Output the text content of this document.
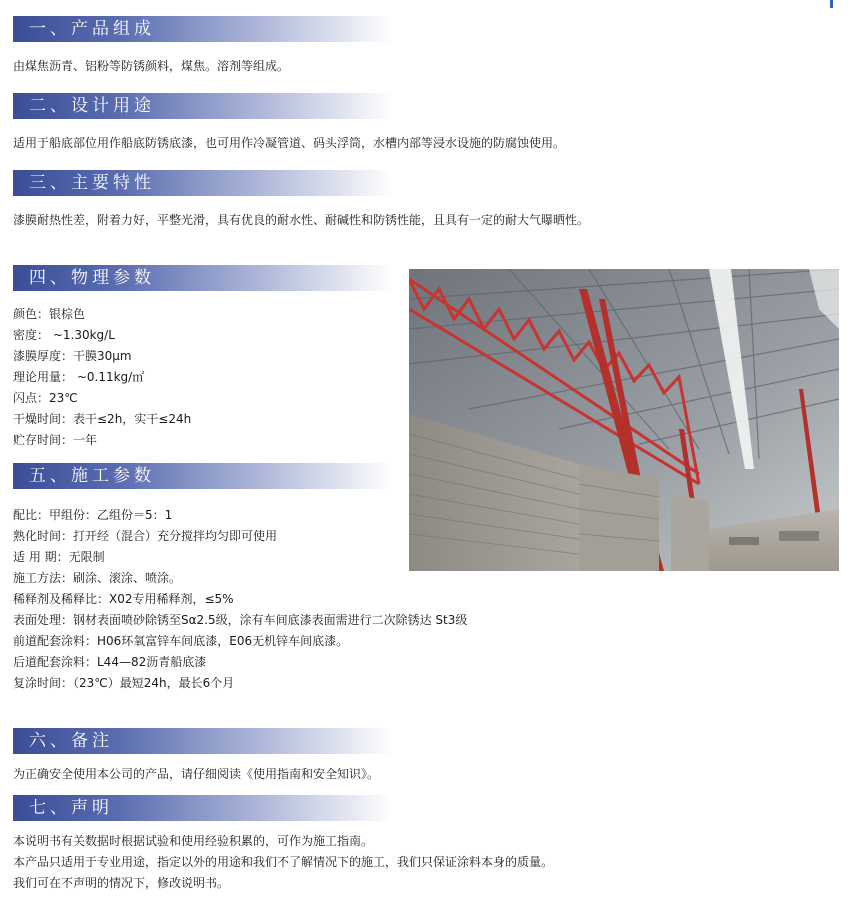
一、产品组成
由煤焦沥青、铝粉等防锈颜料，煤焦。溶剂等组成。
二、设计用途
适用于船底部位用作船底防锈底漆，也可用作冷凝管道、码头浮筒，水槽内部等浸水设施的防腐蚀使用。
三、主要特性
漆膜耐热性差，附着力好，平整光滑，具有优良的耐水性、耐碱性和防锈性能，且具有一定的耐大气曝晒性。
四、物理参数
颜色：银棕色
密度： ~1.30kg/L
漆膜厚度：干膜30μm
理论用量： ~0.11kg/㎡
闪点：23℃
干燥时间：表干≤2h，实干≤24h
贮存时间：一年
五、施工参数
配比：甲组份：乙组份＝5：1
熟化时间：打开经（混合）充分搅拌均匀即可使用
适 用 期：无限制
施工方法：刷涂、滚涂、喷涂。
稀释剂及稀释比：X02专用稀释剂，≤5%
表面处理：钢材表面喷砂除锈至Sα2.5级，涂有车间底漆表面需进行二次除锈达 St3级
前道配套涂料：H06环氧富锌车间底漆，E06无机锌车间底漆。
后道配套涂料：L44—82沥青船底漆
复涂时间：（23℃）最短24h，最长6个月
六、备注
为正确安全使用本公司的产品，请仔细阅读《使用指南和安全知识》。
七、声明
本说明书有关数据时根据试验和使用经验积累的，可作为施工指南。
本产品只适用于专业用途，指定以外的用途和我们不了解情况下的施工，我们只保证涂料本身的质量。
我们可在不声明的情况下，修改说明书。
